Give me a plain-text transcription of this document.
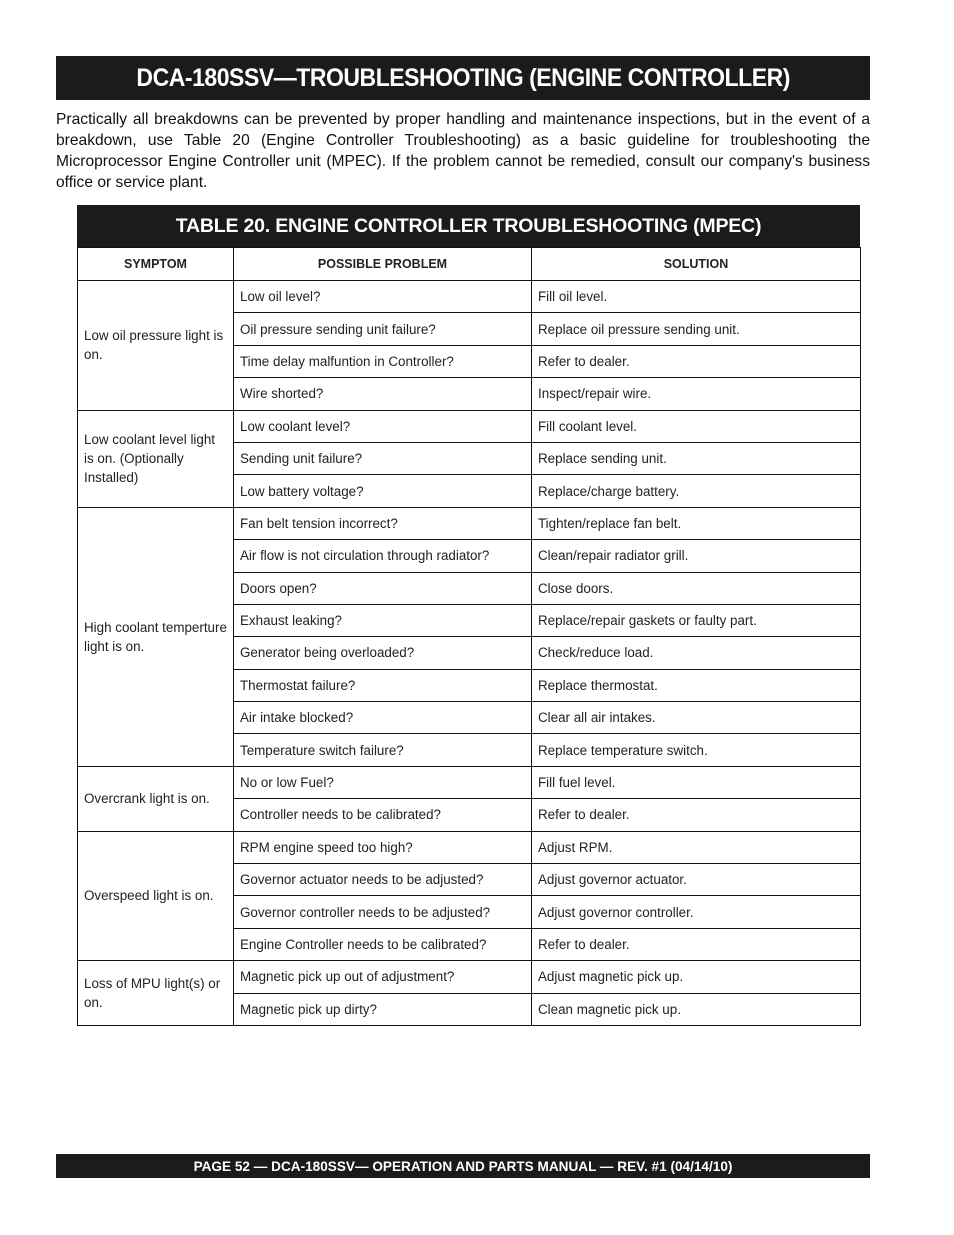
DCA-180SSV—TROUBLESHOOTING (ENGINE CONTROLLER)
Practically all breakdowns can be prevented by proper handling and maintenance inspections, but in the event of a breakdown, use Table 20 (Engine Controller Troubleshooting) as a basic guideline for troubleshooting the Microprocessor Engine Controller unit (MPEC). If the problem cannot be remedied, consult our company's business office or service plant.
TABLE 20. ENGINE CONTROLLER TROUBLESHOOTING (MPEC)
SYMPTOM	POSSIBLE PROBLEM	SOLUTION
Low oil pressure light is on.	Low oil level?	Fill oil level.
	Oil pressure sending unit failure?	Replace oil pressure sending unit.
	Time delay malfuntion in Controller?	Refer to dealer.
	Wire shorted?	Inspect/repair wire.
Low coolant level light is on. (Optionally Installed)	Low coolant level?	Fill coolant level.
	Sending unit failure?	Replace sending unit.
	Low battery voltage?	Replace/charge battery.
High coolant temperture light is on.	Fan belt tension incorrect?	Tighten/replace fan belt.
	Air flow is not circulation through radiator?	Clean/repair radiator grill.
	Doors open?	Close doors.
	Exhaust leaking?	Replace/repair gaskets or faulty part.
	Generator being overloaded?	Check/reduce load.
	Thermostat failure?	Replace thermostat.
	Air intake blocked?	Clear all air intakes.
	Temperature switch failure?	Replace temperature switch.
Overcrank light is on.	No or low Fuel?	Fill fuel level.
	Controller needs to be calibrated?	Refer to dealer.
Overspeed light is on.	RPM engine speed too high?	Adjust RPM.
	Governor actuator needs to be adjusted?	Adjust governor actuator.
	Governor controller needs to be adjusted?	Adjust governor controller.
	Engine Controller needs to be calibrated?	Refer to dealer.
Loss of MPU light(s) or on.	Magnetic pick up out of adjustment?	Adjust magnetic pick up.
	Magnetic pick up dirty?	Clean magnetic pick up.
PAGE 52 — DCA-180SSV— OPERATION AND PARTS MANUAL — REV. #1 (04/14/10)
